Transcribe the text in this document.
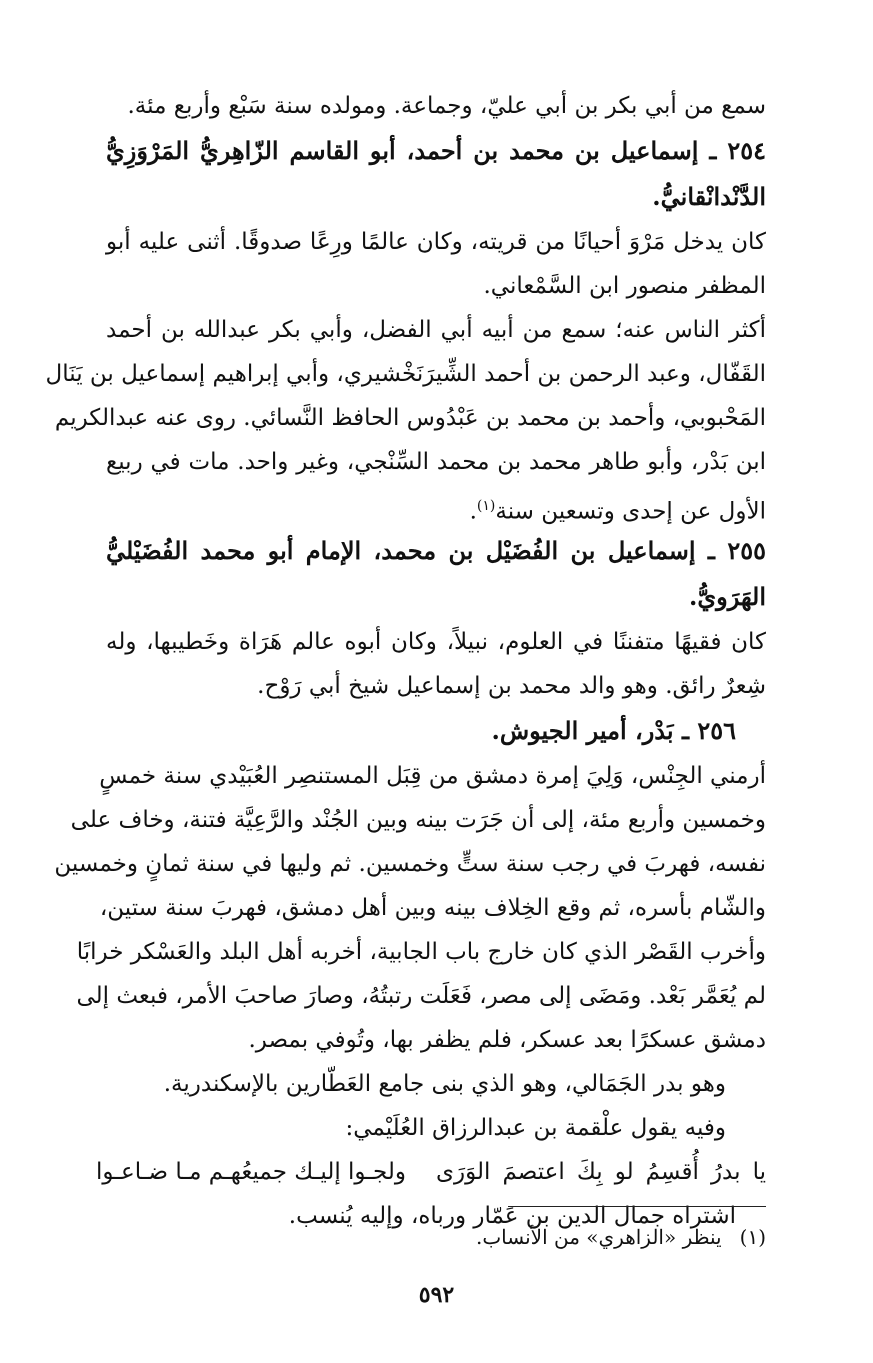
سمع من أبي بكر بن أبي عليّ، وجماعة. ومولده سنة سَبْع وأربع مئة.
٢٥٤ ـ إسماعيل بن محمد بن أحمد، أبو القاسم الزّاهِريُّ المَرْوَزِيُّ
الدَّنْدانْقانيُّ.
كان يدخل مَرْوَ أحيانًا من قريته، وكان عالمًا ورِعًا صدوقًا. أثنى عليه أبو
المظفر منصور ابن السَّمْعاني.
أكثر الناس عنه؛ سمع من أبيه أبي الفضل، وأبي بكر عبدالله بن أحمد
القَفّال، وعبد الرحمن بن أحمد الشِّيرَنَخْشيري، وأبي إبراهيم إسماعيل بن يَنَال
المَحْبوبي، وأحمد بن محمد بن عَبْدُوس الحافظ النَّسائي. روى عنه عبدالكريم
ابن بَدْر، وأبو طاهر محمد بن محمد السِّنْجي، وغير واحد. مات في ربيع
الأول عن إحدى وتسعين سنة$^{(١)}$.
٢٥٥ ـ إسماعيل بن الفُضَيْل بن محمد، الإمام أبو محمد الفُضَيْليُّ
الهَرَويُّ.
كان فقيهًا متفننًا في العلوم، نبيلاً، وكان أبوه عالم هَرَاة وخَطيبها، وله
شِعرٌ رائق. وهو والد محمد بن إسماعيل شيخ أبي رَوْح.
٢٥٦ ـ بَدْر، أمير الجيوش.
أرمني الجِنْس، وَلِيَ إمرة دمشق من قِبَل المستنصِر العُبَيْدي سنة خمسٍ
وخمسين وأربع مئة، إلى أن جَرَت بينه وبين الجُنْد والرَّعِيَّة فتنة، وخاف على
نفسه، فهربَ في رجب سنة ستٍّ وخمسين. ثم وليها في سنة ثمانٍ وخمسين
والشّام بأسره، ثم وقع الخِلاف بينه وبين أهل دمشق، فهربَ سنة ستين،
وأخرب القَصْر الذي كان خارج باب الجابية، أخربه أهل البلد والعَسْكر خرابًا
لم يُعَمَّر بَعْد. ومَضَى إلى مصر، فَعَلَت رتبتُهُ، وصارَ صاحبَ الأمر، فبعث إلى
دمشق عسكرًا بعد عسكر، فلم يظفر بها، وتُوفي بمصر.
وهو بدر الجَمَالي، وهو الذي بنى جامع العَطّارين بالإسكندرية.
وفيه يقول علْقمة بن عبدالرزاق العُلَيْمي:
يا بدرُ أُقسِمُ لو بِكَ اعتصمَ الوَرَى
ولجـوا إليـك جميعُهـم مـا ضـاعـوا
اشتراه جمال الدين بن عَمّار ورباه، وإليه يُنسب.
(١)ينظر «الزاهري» من الأنساب.
٥٩٢
